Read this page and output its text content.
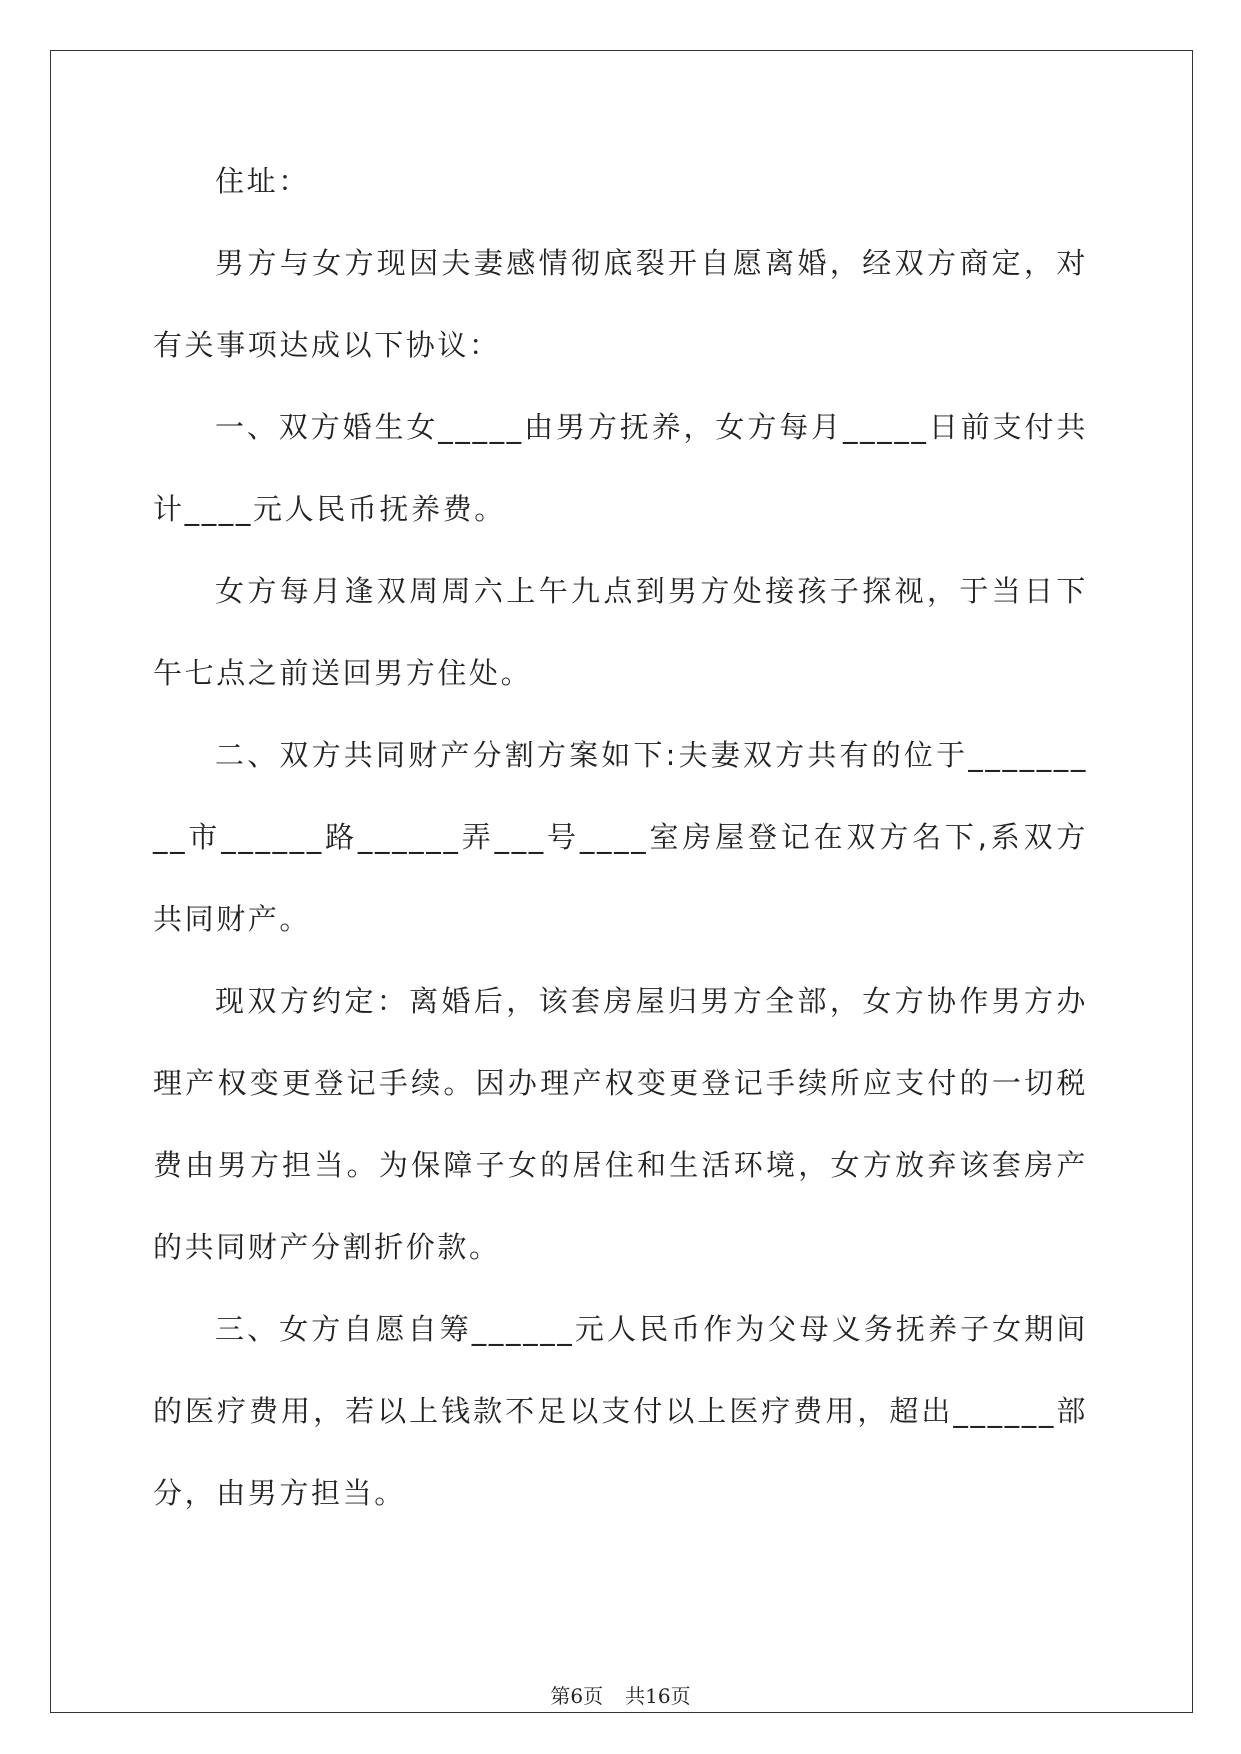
住址：

男方与女方现因夫妻感情彻底裂开自愿离婚，经双方商定，对有关事项达成以下协议：

一、双方婚生女_____由男方抚养，女方每月_____日前支付共计____元人民币抚养费。

女方每月逢双周周六上午九点到男方处接孩子探视，于当日下午七点之前送回男方住处。

二、双方共同财产分割方案如下:夫妻双方共有的位于_________市______路______弄___号____室房屋登记在双方名下,系双方共同财产。

现双方约定：离婚后，该套房屋归男方全部，女方协作男方办理产权变更登记手续。因办理产权变更登记手续所应支付的一切税费由男方担当。为保障子女的居住和生活环境，女方放弃该套房产的共同财产分割折价款。

三、女方自愿自筹______元人民币作为父母义务抚养子女期间的医疗费用，若以上钱款不足以支付以上医疗费用，超出______部分，由男方担当。

第6页 共16页
